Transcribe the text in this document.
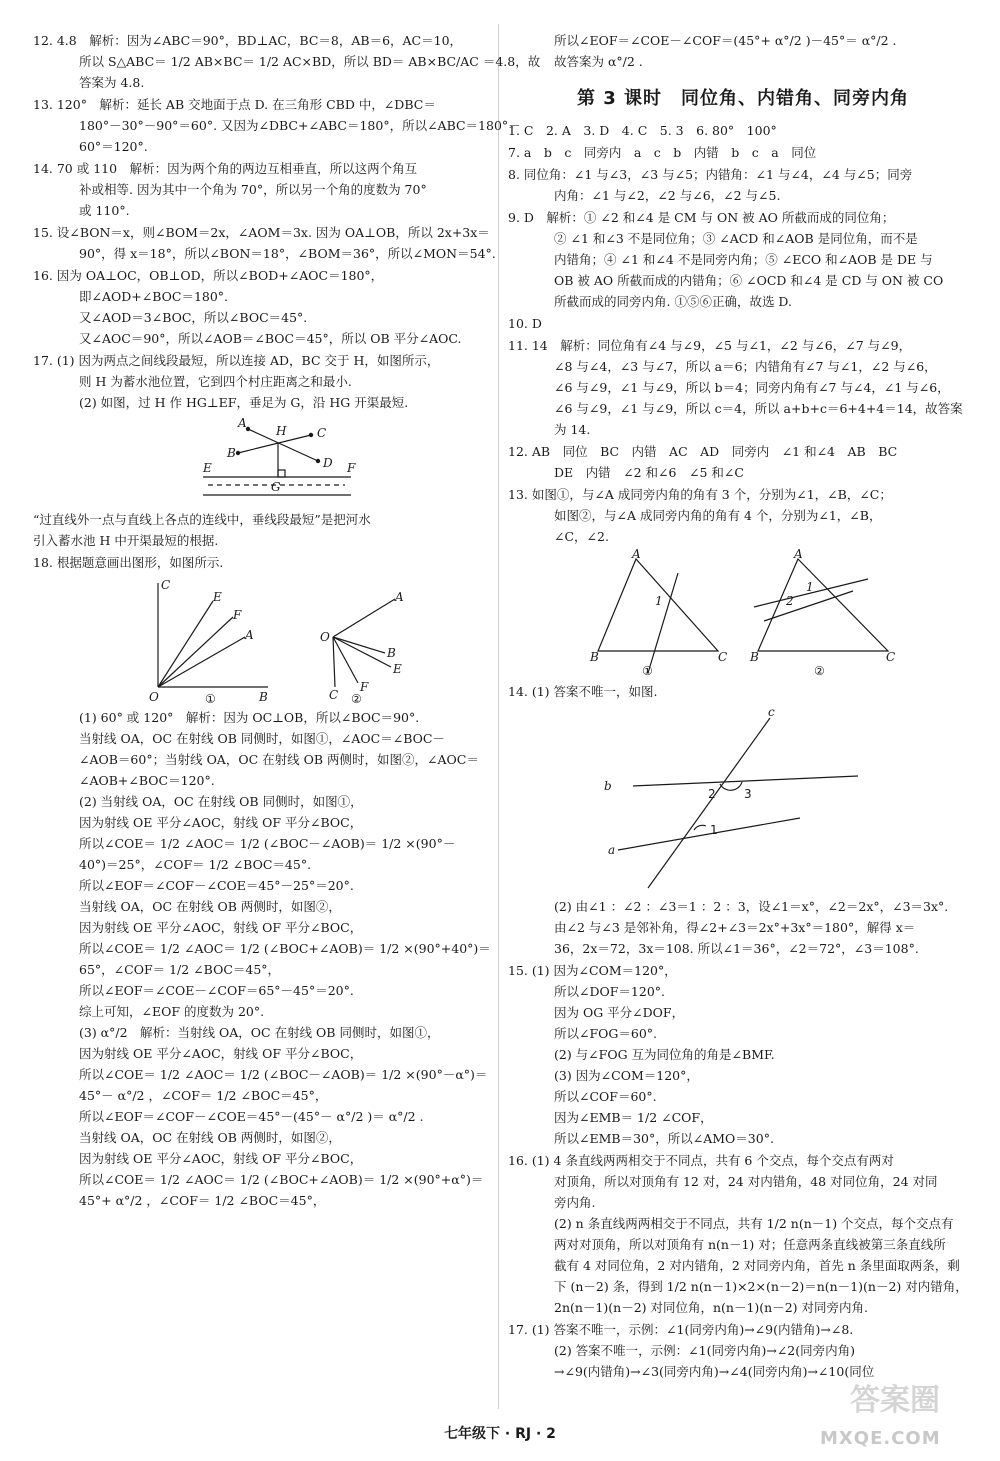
12. 4.8　解析：因为∠ABC＝90°，BD⊥AC，BC＝8，AB＝6，AC＝10，
所以 S△ABC＝ 1/2 AB×BC＝ 1/2 AC×BD，所以 BD＝ AB×BC/AC ＝4.8，故
答案为 4.8.
13. 120°　解析：延长 AB 交地面于点 D. 在三角形 CBD 中，∠DBC＝
180°－30°－90°＝60°. 又因为∠DBC+∠ABC＝180°，所以∠ABC＝180°－
60°＝120°.
14. 70 或 110　解析：因为两个角的两边互相垂直，所以这两个角互
补或相等. 因为其中一个角为 70°，所以另一个角的度数为 70°
或 110°.
15. 设∠BON＝x，则∠BOM＝2x，∠AOM＝3x. 因为 OA⊥OB，所以 2x+3x＝
90°，得 x＝18°，所以∠BON＝18°，∠BOM＝36°，所以∠MON＝54°.
16. 因为 OA⊥OC，OB⊥OD，所以∠BOD+∠AOC＝180°，
即∠AOD+∠BOC＝180°.
又∠AOD＝3∠BOC，所以∠BOC＝45°.
又∠AOC＝90°，所以∠AOB＝∠BOC＝45°，所以 OB 平分∠AOC.
17. (1) 因为两点之间线段最短，所以连接 AD，BC 交于 H，如图所示，
则 H 为蓄水池位置，它到四个村庄距离之和最小.
(2) 如图，过 H 作 HG⊥EF，垂足为 G，沿 HG 开渠最短.
A
H	C
B
D
E
G
F
“过直线外一点与直线上各点的连线中，垂线段最短”是把河水
引入蓄水池 H 中开渠最短的根据.
18. 根据题意画出图形，如图所示.
C
E
F
A
O	B
A
O
B
E
F
C
①	②
(1) 60° 或 120°　解析：因为 OC⊥OB，所以∠BOC＝90°.
当射线 OA，OC 在射线 OB 同侧时，如图①，∠AOC＝∠BOC－
∠AOB＝60°；当射线 OA，OC 在射线 OB 两侧时，如图②，∠AOC＝
∠AOB+∠BOC＝120°.
(2) 当射线 OA，OC 在射线 OB 同侧时，如图①，
因为射线 OE 平分∠AOC，射线 OF 平分∠BOC，
所以∠COE＝ 1/2 ∠AOC＝ 1/2 (∠BOC－∠AOB)＝ 1/2 ×(90°－
40°)＝25°，∠COF＝ 1/2 ∠BOC＝45°.
所以∠EOF＝∠COF－∠COE＝45°－25°＝20°.
当射线 OA，OC 在射线 OB 两侧时，如图②，
因为射线 OE 平分∠AOC，射线 OF 平分∠BOC，
所以∠COE＝ 1/2 ∠AOC＝ 1/2 (∠BOC+∠AOB)＝ 1/2 ×(90°+40°)＝
65°，∠COF＝ 1/2 ∠BOC＝45°，
所以∠EOF＝∠COE－∠COF＝65°－45°＝20°.
综上可知，∠EOF 的度数为 20°.
(3) α°/2　解析：当射线 OA，OC 在射线 OB 同侧时，如图①，
因为射线 OE 平分∠AOC，射线 OF 平分∠BOC，
所以∠COE＝ 1/2 ∠AOC＝ 1/2 (∠BOC－∠AOB)＝ 1/2 ×(90°－α°)＝
45°－ α°/2 ，∠COF＝ 1/2 ∠BOC＝45°，
所以∠EOF＝∠COF－∠COE＝45°－(45°－ α°/2 )＝ α°/2 .
当射线 OA，OC 在射线 OB 两侧时，如图②，
因为射线 OE 平分∠AOC，射线 OF 平分∠BOC，
所以∠COE＝ 1/2 ∠AOC＝ 1/2 (∠BOC+∠AOB)＝ 1/2 ×(90°+α°)＝
45°+ α°/2 ，∠COF＝ 1/2 ∠BOC＝45°，
所以∠EOF＝∠COE－∠COF＝(45°+ α°/2 )－45°＝ α°/2 .
故答案为 α°/2 .
第 3 课时　同位角、内错角、同旁内角
1. C　2. A　3. D　4. C　5. 3　6. 80°　100°
7. a　b　c　同旁内　a　c　b　内错　b　c　a　同位
8. 同位角：∠1 与∠3，∠3 与∠5；内错角：∠1 与∠4，∠4 与∠5；同旁
内角：∠1 与∠2，∠2 与∠6，∠2 与∠5.
9. D　解析：① ∠2 和∠4 是 CM 与 ON 被 AO 所截而成的同位角；
② ∠1 和∠3 不是同位角；③ ∠ACD 和∠AOB 是同位角，而不是
内错角；④ ∠1 和∠4 不是同旁内角；⑤ ∠ECO 和∠AOB 是 DE 与
OB 被 AO 所截而成的内错角；⑥ ∠OCD 和∠4 是 CD 与 ON 被 CO
所截而成的同旁内角. ①⑤⑥正确，故选 D.
10. D
11. 14　解析：同位角有∠4 与∠9，∠5 与∠1，∠2 与∠6，∠7 与∠9，
∠8 与∠4，∠3 与∠7，所以 a＝6；内错角有∠7 与∠1，∠2 与∠6，
∠6 与∠9，∠1 与∠9，所以 b＝4；同旁内角有∠7 与∠4，∠1 与∠6，
∠6 与∠9，∠1 与∠9，所以 c＝4，所以 a+b+c＝6+4+4＝14，故答案
为 14.
12. AB　同位　BC　内错　AC　AD　同旁内　∠1 和∠4　AB　BC
DE　内错　∠2 和∠6　∠5 和∠C
13. 如图①，与∠A 成同旁内角的角有 3 个，分别为∠1，∠B，∠C；
如图②，与∠A 成同旁内角的角有 4 个，分别为∠1，∠B，
∠C，∠2.
A
1
B	C
A
1
2
B	C
①	②
14. (1) 答案不唯一，如图.
c
b
a
2 3
1
(2) 由∠1 ：∠2 ：∠3＝1 ：2 ：3，设∠1＝x°，∠2＝2x°，∠3＝3x°.
由∠2 与∠3 是邻补角，得∠2+∠3＝2x°+3x°＝180°，解得 x＝
36，2x＝72，3x＝108. 所以∠1＝36°，∠2＝72°，∠3＝108°.
15. (1) 因为∠COM＝120°，
所以∠DOF＝120°.
因为 OG 平分∠DOF，
所以∠FOG＝60°.
(2) 与∠FOG 互为同位角的角是∠BMF.
(3) 因为∠COM＝120°，
所以∠COF＝60°.
因为∠EMB＝ 1/2 ∠COF，
所以∠EMB＝30°，所以∠AMO＝30°.
16. (1) 4 条直线两两相交于不同点，共有 6 个交点，每个交点有两对
对顶角，所以对顶角有 12 对，24 对内错角，48 对同位角，24 对同
旁内角.
(2) n 条直线两两相交于不同点，共有 1/2 n(n－1) 个交点，每个交点有
两对对顶角，所以对顶角有 n(n－1) 对；任意两条直线被第三条直线所
截有 4 对同位角，2 对内错角，2 对同旁内角，首先 n 条里面取两条，剩
下 (n－2) 条，得到 1/2 n(n－1)×2×(n－2)＝n(n－1)(n－2) 对内错角，
2n(n－1)(n－2) 对同位角，n(n－1)(n－2) 对同旁内角.
17. (1) 答案不唯一，示例：∠1(同旁内角)→∠9(内错角)→∠8.
(2) 答案不唯一，示例：∠1(同旁内角)→∠2(同旁内角)
→∠9(内错角)→∠3(同旁内角)→∠4(同旁内角)→∠10(同位
七年级下 · RJ · 2
答案圈
MXQE.COM
